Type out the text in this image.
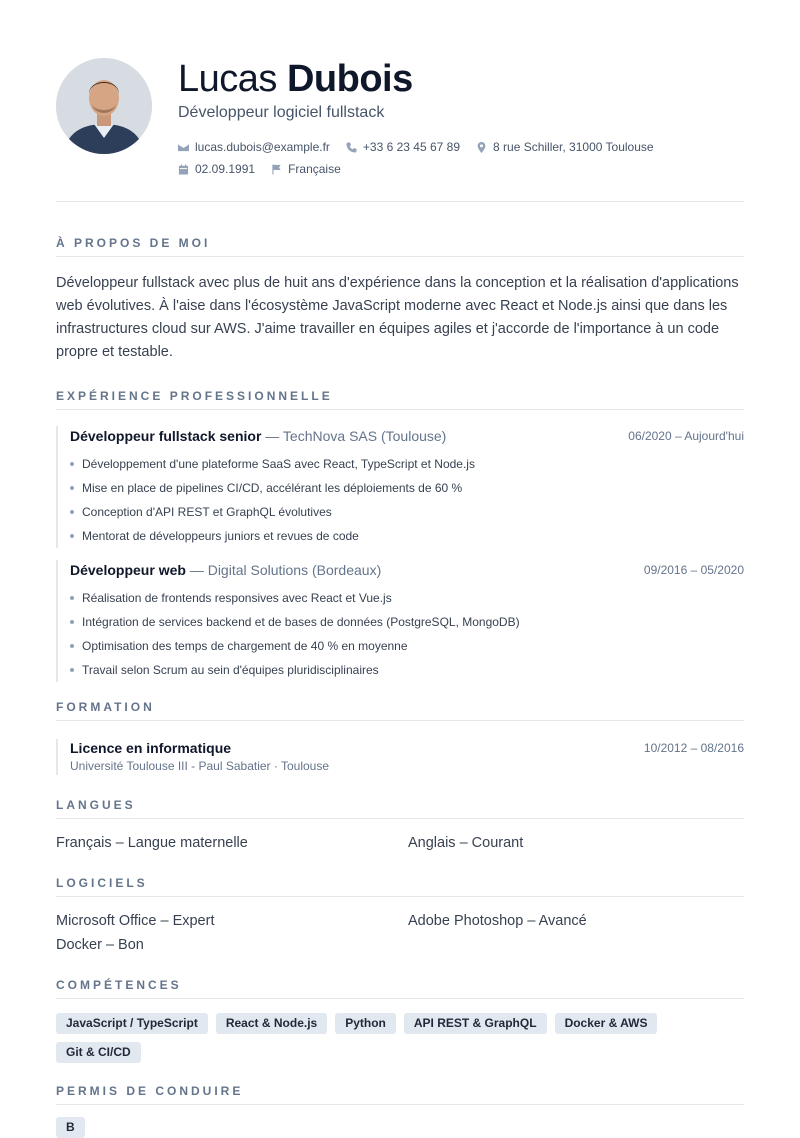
Lucas Dubois
Développeur logiciel fullstack
lucas.dubois@example.fr	+33 6 23 45 67 89	8 rue Schiller, 31000 Toulouse
02.09.1991	Française
À PROPOS DE MOI
Développeur fullstack avec plus de huit ans d'expérience dans la conception et la réalisation d'applications web évolutives. À l'aise dans l'écosystème JavaScript moderne avec React et Node.js ainsi que dans les infrastructures cloud sur AWS. J'aime travailler en équipes agiles et j'accorde de l'importance à un code propre et testable.
EXPÉRIENCE PROFESSIONNELLE
Développeur fullstack senior — TechNova SAS (Toulouse)	06/2020 – Aujourd'hui
Développement d'une plateforme SaaS avec React, TypeScript et Node.js
Mise en place de pipelines CI/CD, accélérant les déploiements de 60 %
Conception d'API REST et GraphQL évolutives
Mentorat de développeurs juniors et revues de code
Développeur web — Digital Solutions (Bordeaux)	09/2016 – 05/2020
Réalisation de frontends responsives avec React et Vue.js
Intégration de services backend et de bases de données (PostgreSQL, MongoDB)
Optimisation des temps de chargement de 40 % en moyenne
Travail selon Scrum au sein d'équipes pluridisciplinaires
FORMATION
Licence en informatique
Université Toulouse III - Paul Sabatier · Toulouse
10/2012 – 08/2016
LANGUES
Français – Langue maternelle	Anglais – Courant
LOGICIELS
Microsoft Office – Expert	Adobe Photoshop – Avancé
Docker – Bon
COMPÉTENCES
JavaScript / TypeScript	React & Node.js	Python	API REST & GraphQL	Docker & AWS
Git & CI/CD
PERMIS DE CONDUIRE
B
